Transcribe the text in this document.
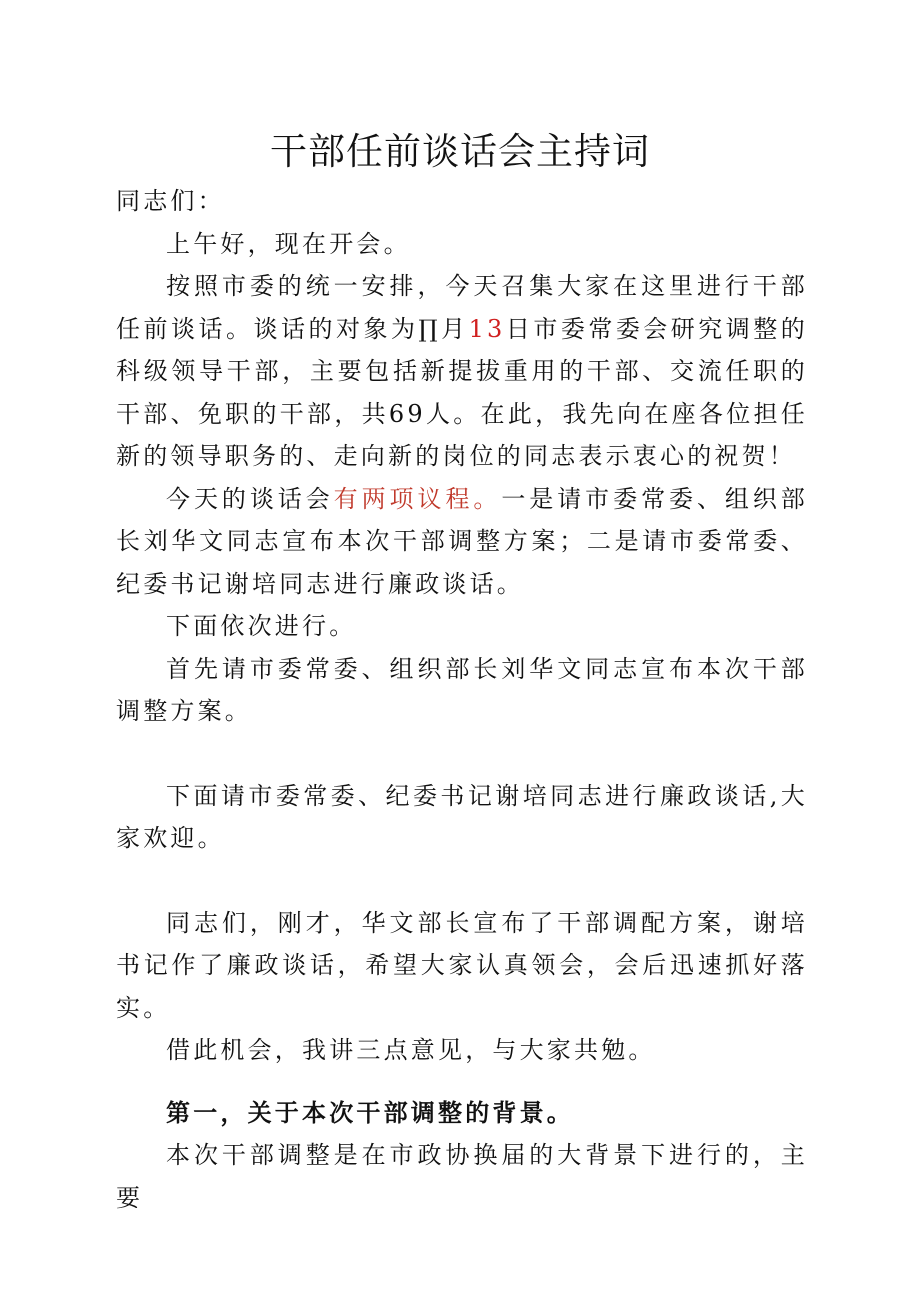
干部任前谈话会主持词

同志们：

上午好，现在开会。

按照市委的统一安排，今天召集大家在这里进行干部任前谈话。谈话的对象为∏月13日市委常委会研究调整的科级领导干部，主要包括新提拔重用的干部、交流任职的干部、免职的干部，共69人。在此，我先向在座各位担任新的领导职务的、走向新的岗位的同志表示衷心的祝贺！

今天的谈话会有两项议程。一是请市委常委、组织部长刘华文同志宣布本次干部调整方案；二是请市委常委、纪委书记谢培同志进行廉政谈话。

下面依次进行。

首先请市委常委、组织部长刘华文同志宣布本次干部调整方案。

下面请市委常委、纪委书记谢培同志进行廉政谈话,大家欢迎。

同志们，刚才，华文部长宣布了干部调配方案，谢培书记作了廉政谈话，希望大家认真领会，会后迅速抓好落实。

借此机会，我讲三点意见，与大家共勉。

第一，关于本次干部调整的背景。

本次干部调整是在市政协换届的大背景下进行的，主要
